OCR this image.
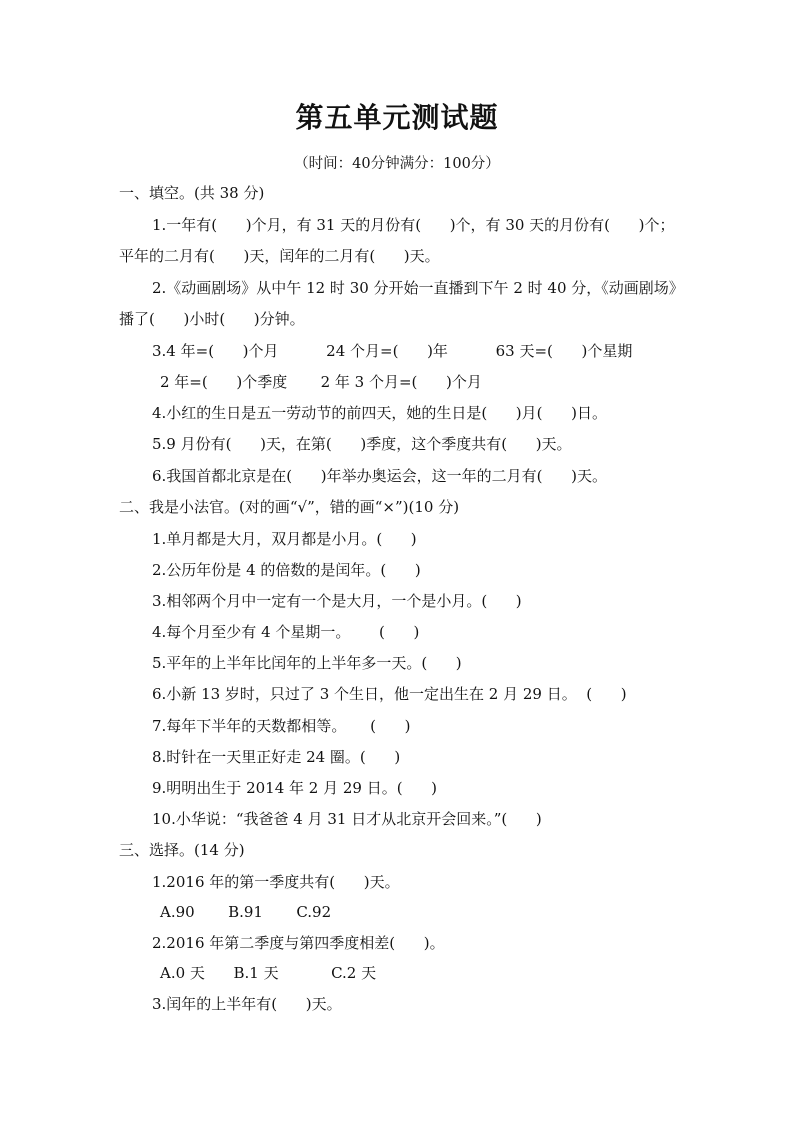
第五单元测试题
（时间：40分钟满分：100分）
一、填空。(共 38 分)
1.一年有(      )个月，有 31 天的月份有(      )个，有 30 天的月份有(      )个；
平年的二月有(      )天，闰年的二月有(      )天。
2.《动画剧场》从中午 12 时 30 分开始一直播到下午 2 时 40 分，《动画剧场》
播了(      )小时(      )分钟。
3.4 年=(      )个月          24 个月=(      )年          63 天=(      )个星期
2 年=(      )个季度       2 年 3 个月=(      )个月
4.小红的生日是五一劳动节的前四天，她的生日是(      )月(      )日。
5.9 月份有(      )天，在第(      )季度，这个季度共有(      )天。
6.我国首都北京是在(      )年举办奥运会，这一年的二月有(      )天。
二、我是小法官。(对的画“√”，错的画“×”)(10 分)
1.单月都是大月，双月都是小月。(      )
2.公历年份是 4 的倍数的是闰年。(      )
3.相邻两个月中一定有一个是大月，一个是小月。(      )
4.每个月至少有 4 个星期一。      (      )
5.平年的上半年比闰年的上半年多一天。(      )
6.小新 13 岁时，只过了 3 个生日，他一定出生在 2 月 29 日。  (      )
7.每年下半年的天数都相等。     (      )
8.时针在一天里正好走 24 圈。(      )
9.明明出生于 2014 年 2 月 29 日。(      )
10.小华说：“我爸爸 4 月 31 日才从北京开会回来。”(      )
三、选择。(14 分)
1.2016 年的第一季度共有(      )天。
A.90       B.91       C.92
2.2016 年第二季度与第四季度相差(      )。
A.0 天      B.1 天           C.2 天
3.闰年的上半年有(      )天。
